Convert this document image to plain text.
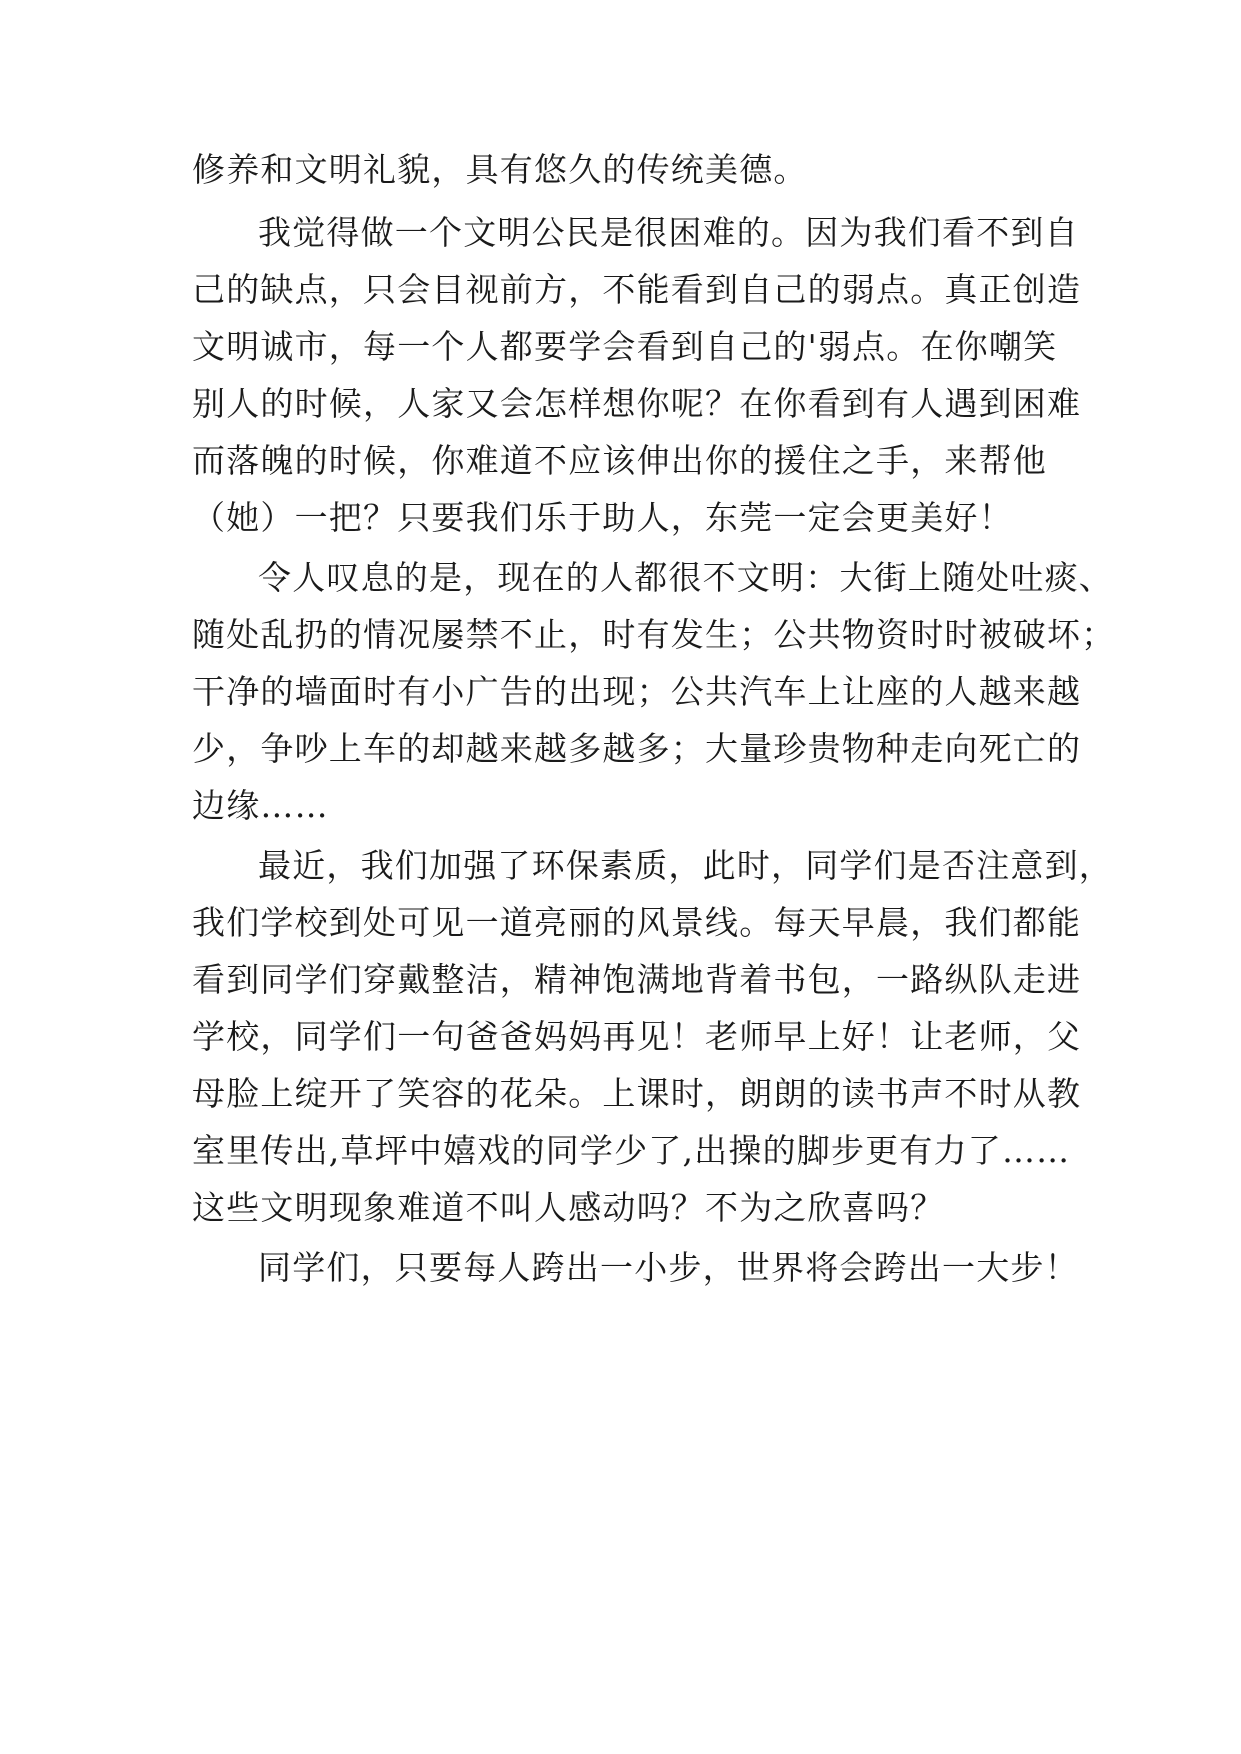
修养和文明礼貌，具有悠久的传统美德。
我觉得做一个文明公民是很困难的。因为我们看不到自
己的缺点，只会目视前方，不能看到自己的弱点。真正创造
文明诚市，每一个人都要学会看到自己的'弱点。在你嘲笑
别人的时候，人家又会怎样想你呢？在你看到有人遇到困难
而落魄的时候，你难道不应该伸出你的援住之手，来帮他
（她）一把？只要我们乐于助人，东莞一定会更美好！
令人叹息的是，现在的人都很不文明：大街上随处吐痰、
随处乱扔的情况屡禁不止，时有发生；公共物资时时被破坏；
干净的墙面时有小广告的出现；公共汽车上让座的人越来越
少，争吵上车的却越来越多越多；大量珍贵物种走向死亡的
边缘……
最近，我们加强了环保素质，此时，同学们是否注意到，
我们学校到处可见一道亮丽的风景线。每天早晨，我们都能
看到同学们穿戴整洁，精神饱满地背着书包，一路纵队走进
学校，同学们一句爸爸妈妈再见！老师早上好！让老师，父
母脸上绽开了笑容的花朵。上课时，朗朗的读书声不时从教
室里传出,草坪中嬉戏的同学少了,出操的脚步更有力了……
这些文明现象难道不叫人感动吗？不为之欣喜吗？
同学们，只要每人跨出一小步，世界将会跨出一大步！
